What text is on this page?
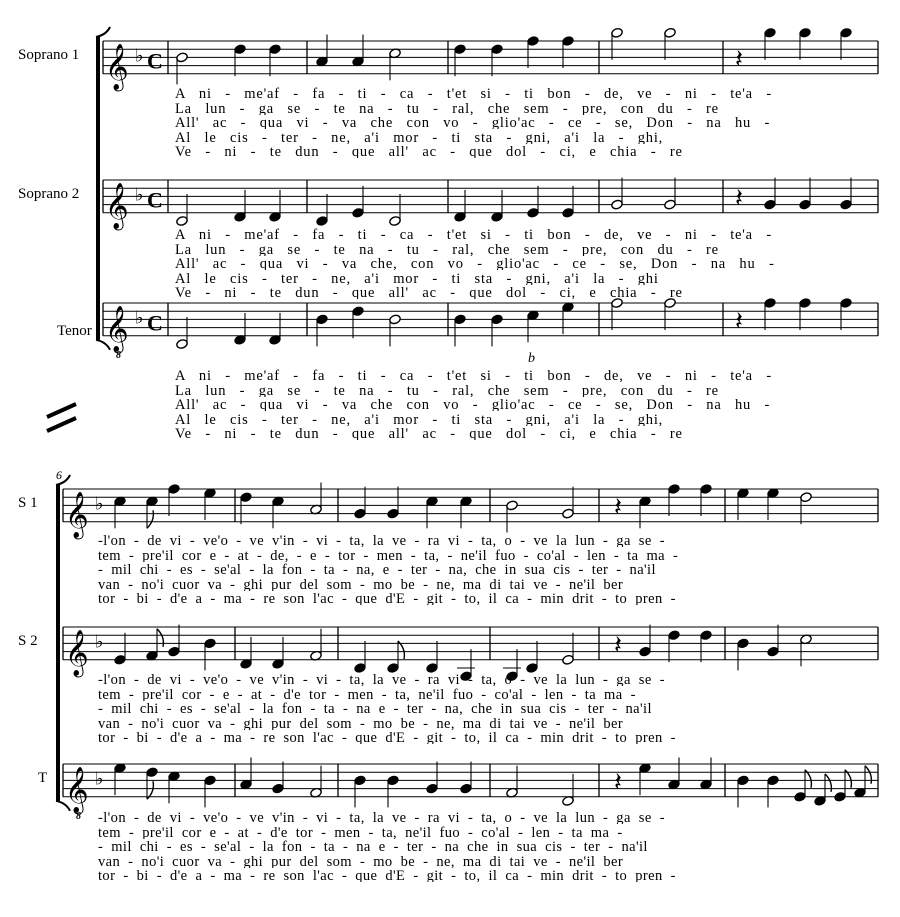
𝄞 ♭ C	𝄽
𝄞 ♭ C	𝄽
𝄞
8
♭ C	𝄽
6
𝄞 ♭	𝄽
𝄞 ♭	𝄽
𝄞
8
♭	𝄽
b
Soprano 1
A ni - me'af - fa - ti - ca - t'et si - ti bon - de, ve - ni - te'a -
La lun - ga se - te na - tu - ral, che sem - pre, con du - re
All' ac - qua vi - va che con vo - glio'ac - ce - se, Don - na hu -
Al le cis - ter - ne, a'i mor - ti sta - gni, a'i la - ghi,
Ve - ni - te dun - que all' ac - que dol - ci, e chia - re
Soprano 2
A ni - me'af - fa - ti - ca - t'et si - ti bon - de, ve - ni - te'a -
La lun - ga se - te na - tu - ral, che sem - pre, con du - re
All' ac - qua vi - va che, con vo - glio'ac - ce - se, Don - na hu -
Al le cis - ter - ne, a'i mor - ti sta - gni, a'i la - ghi
Ve - ni - te dun - que all' ac - que dol - ci, e chia - re
Tenor
A ni - me'af - fa - ti - ca - t'et si - ti bon - de, ve - ni - te'a -
La lun - ga se - te na - tu - ral, che sem - pre, con du - re
All' ac - qua vi - va che con vo - glio'ac - ce - se, Don - na hu -
Al le cis - ter - ne, a'i mor - ti sta - gni, a'i la - ghi,
Ve - ni - te dun - que all' ac - que dol - ci, e chia - re
S 1
-l'on - de vi - ve'o - ve v'in - vi - ta, la ve - ra vi - ta, o - ve la lun - ga se -
tem - pre'il cor e - at - de, - e - tor - men - ta, - ne'il fuo - co'al - len - ta ma -
- mil chi - es - se'al - la fon - ta - na, e - ter - na, che in sua cis - ter - na'il
van - no'i cuor va - ghi pur del som - mo be - ne, ma di tai ve - ne'il ber
tor - bi - d'e a - ma - re son l'ac - que d'E - git - to, il ca - min drit - to pren -
S 2
-l'on - de vi - ve'o - ve v'in - vi - ta, la ve - ra vi - ta, o - ve la lun - ga se -
tem - pre'il cor - e - at - d'e tor - men - ta, ne'il fuo - co'al - len - ta ma -
- mil chi - es - se'al - la fon - ta - na e - ter - na, che in sua cis - ter - na'il
van - no'i cuor va - ghi pur del som - mo be - ne, ma di tai ve - ne'il ber
tor - bi - d'e a - ma - re son l'ac - que d'E - git - to, il ca - min drit - to pren -
T
-l'on - de vi - ve'o - ve v'in - vi - ta, la ve - ra vi - ta, o - ve la lun - ga se -
tem - pre'il cor e - at - d'e tor - men - ta, ne'il fuo - co'al - len - ta ma -
- mil chi - es - se'al - la fon - ta - na e - ter - na che in sua cis - ter - na'il
van - no'i cuor va - ghi pur del som - mo be - ne, ma di tai ve - ne'il ber
tor - bi - d'e a - ma - re son l'ac - que d'E - git - to, il ca - min drit - to pren -
